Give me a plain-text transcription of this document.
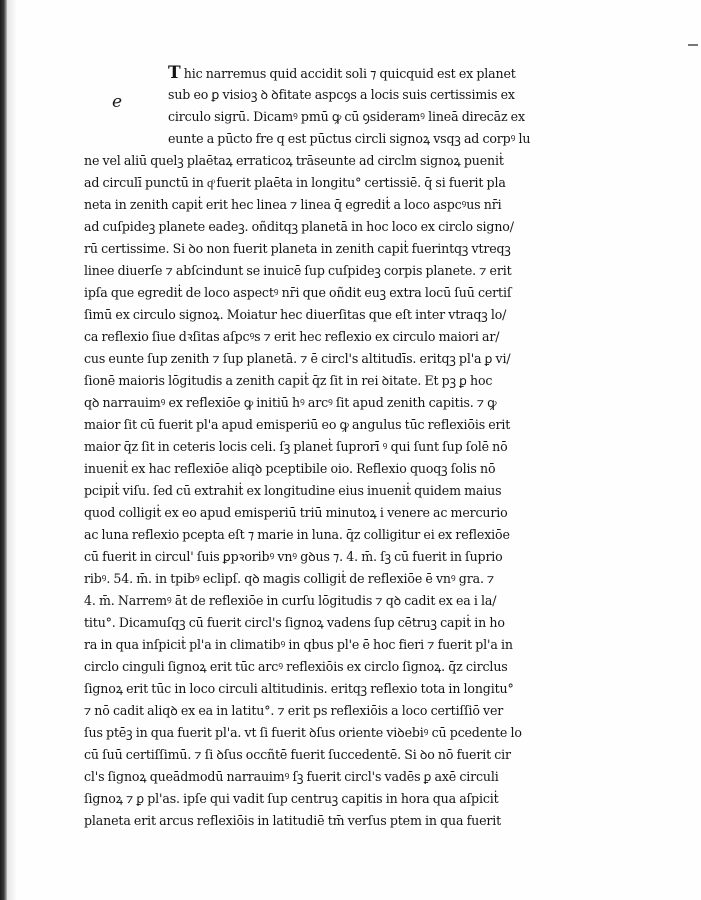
e
T hic narremus quid accidit soli ⁊ quicquid est ex planet
sub eo ꝑ visioꝫ ꝺ ꝺfitate aspcꝯs a locis suis certissimis ex
circulo sigrū. Dicamꝰ pmū ꝙ cū ꝯsideramꝰ lineā direcāz ex
eunte a pūcto fre q est pūctus circli signoꝝ vsqꝫ ad corpꝰ lu
ne vel aliū quelꝫ plaētaꝝ erraticoꝝ trāseunte ad circlm signoꝝ pueniṫ
ad circulī punctū in qͦ fuerit plaēta in longitu° certissiē. q̄ si fuerit pla
neta in zenith capiṫ erit hec linea ⁊ linea q̄ egrediṫ a loco aspcꝰus nr̄i
ad cuſpideꝫ planete eadeꝫ. oñditqꝫ planetā in hoc loco ex circlo signo/
rū certissime. Si ꝺo non fuerit planeta in zenith capiṫ fuerintqꝫ vtreqꝫ
linee diuerſe ⁊ abſcindunt se inuicē ſup cuſpideꝫ corpis planete. ⁊ erit
ipſa que egrediṫ de loco aspectꝰ nr̄i que oñdit euꝫ extra locū ſuū certiſ
ſimū ex circulo signoꝝ. Moiatur hec diuerſitas que eſt inter vtraqꝫ lo/
ca reflexio ſiue dꝛſitas aſpcꝰs ⁊ erit hec reflexio ex circulo maiori ar/
cus eunte ſup zenith ⁊ ſup planetā. ⁊ ē circl's altitudīs. eritqꝫ pl'a ꝑ vi/
ſionē maioris lōgitudis a zenith capiṫ q̄z ſit in rei ꝺitate. Et pꝫ ꝑ hoc
qꝺ narrauimꝰ ex reflexiōe ꝙ initiū hꝰ arcꝰ ſit apud zenith capitis. ⁊ ꝙ
maior ſit cū fuerit pl'a apud emisperiū eo ꝙ angulus tūc reflexiōis erit
maior q̄z ſit in ceteris locis celi. ſꝫ planeṫ ſuprorī ꝰ qui ſunt ſup ſolē nō
inueniṫ ex hac reflexiōe aliqꝺ pceptibile oio. Reflexio quoqꝫ ſolis nō
pcipiṫ viſu. ſed cū extrahiṫ ex longitudine eius inueniṫ quidem maius
quod colligiṫ ex eo apud emisperiū triū minutoꝝ i venere ac mercurio
ac luna reflexio pcepta eſt ⁊ marie in luna. q̄z colligitur ei ex reflexiōe
cū fuerit in circul' ſuis ꝑpꝛoribꝰ vnꝰ gꝺus ⁊. 4. m̄. ſꝫ cū fuerit in ſuprio
ribꝰ. 54. m̄. in tpibꝰ eclipſ. qꝺ magis colligiṫ de reflexiōe ē vnꝰ gra. ⁊
4. m̄. Narremꝰ āt de reflexiōe in curſu lōgitudis ⁊ qꝺ cadit ex ea i la/
titu°. Dicamuſqꝫ cū fuerit circl's ſignoꝝ vadens ſup cētruꝫ capiṫ in ho
ra in qua inſpiciṫ pl'a in climatibꝰ in qbus pl'e ē hoc fieri ⁊ fuerit pl'a in
circlo cinguli ſignoꝝ erit tūc arcꝰ reflexiōis ex circlo ſignoꝝ. q̄z circlus
ſignoꝝ erit tūc in loco circuli altitudinis. eritqꝫ reflexio tota in longitu°
⁊ nō cadit aliqꝺ ex ea in latitu°. ⁊ erit ps reflexiōis a loco certiſſiō ver
ſus ptēꝫ in qua fuerit pl'a. vt ſi fuerit ꝺſus oriente viꝺebiꝰ cū pcedente lo
cū ſuū certiſſimū. ⁊ ſi ꝺſus occñtē fuerit ſuccedentē. Si ꝺo nō fuerit cir
cl's ſignoꝝ queādmodū narrauimꝰ ſꝫ fuerit circl's vadēs ꝑ axē circuli
ſignoꝝ ⁊ ꝑ pl'as. ipſe qui vadit ſup centruꝫ capitis in hora qua aſpiciṫ
planeta erit arcus reflexiōis in latitudiē tm̄ verſus ptem in qua fuerit
